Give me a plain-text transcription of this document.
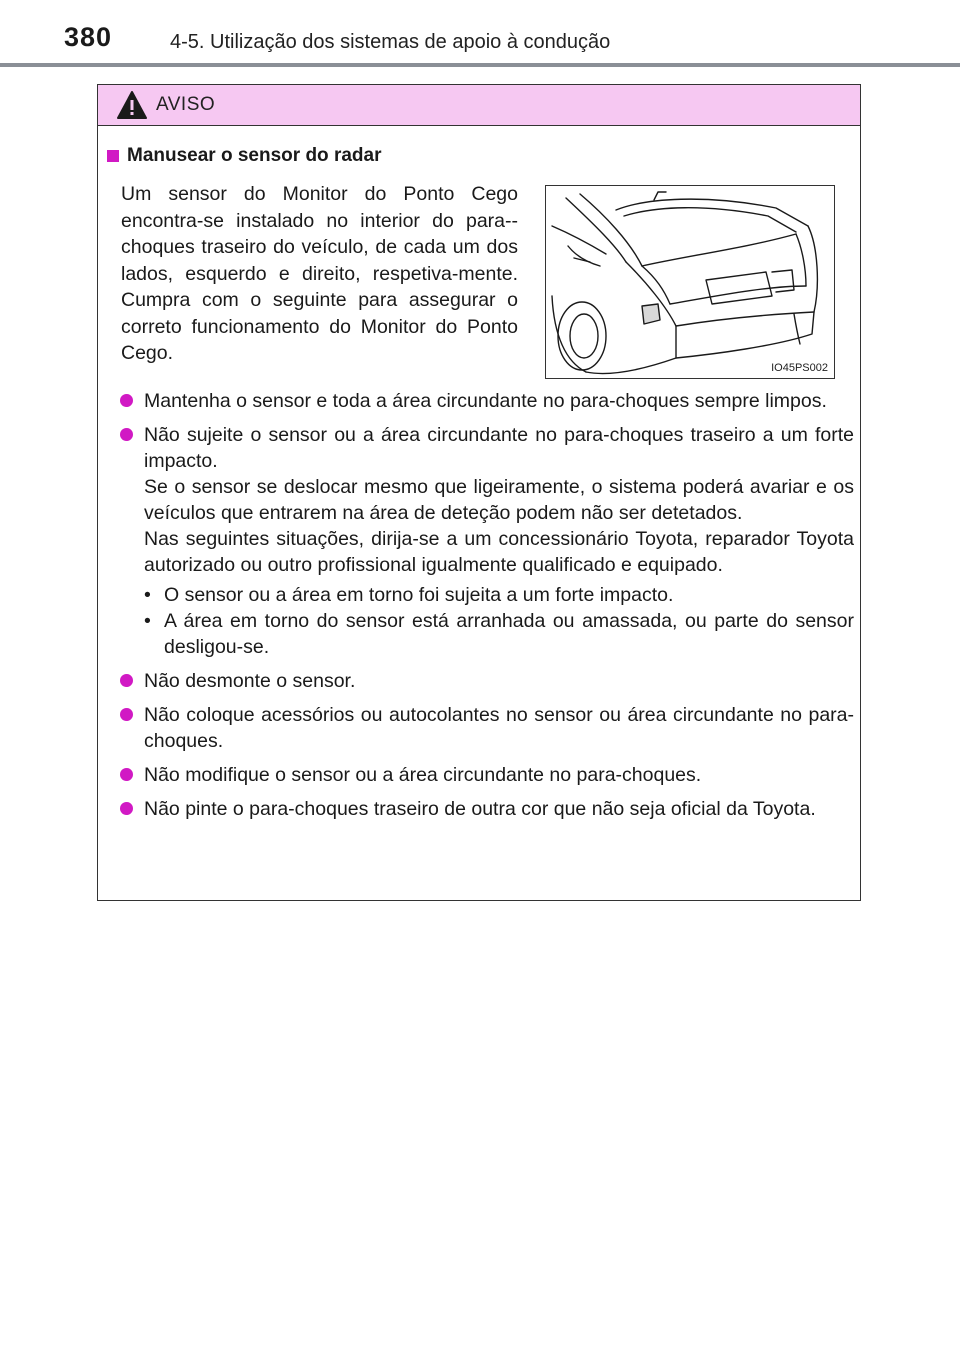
380	4-5. Utilização dos sistemas de apoio à condução
AVISO
Manusear o sensor do radar
Um sensor do Monitor do Ponto Cego encontra-se instalado no interior do para--choques traseiro do veículo, de cada um dos lados, esquerdo e direito, respetiva-mente. Cumpra com o seguinte para assegurar o correto funcionamento do Monitor do Ponto Cego.
IO45PS002

Mantenha o sensor e toda a área circundante no para-choques sempre limpos.

Não sujeite o sensor ou a área circundante no para-choques traseiro a um forte impacto.

Se o sensor se deslocar mesmo que ligeiramente, o sistema poderá avariar e os veículos que entrarem na área de deteção podem não ser detetados.

Nas seguintes situações, dirija-se a um concessionário Toyota, reparador Toyota autorizado ou outro profissional igualmente qualificado e equipado.

• O sensor ou a área em torno foi sujeita a um forte impacto.
• A área em torno do sensor está arranhada ou amassada, ou parte do sensor desligou-se.

Não desmonte o sensor.

Não coloque acessórios ou autocolantes no sensor ou área circundante no para-choques.

Não modifique o sensor ou a área circundante no para-choques.

Não pinte o para-choques traseiro de outra cor que não seja oficial da Toyota.
